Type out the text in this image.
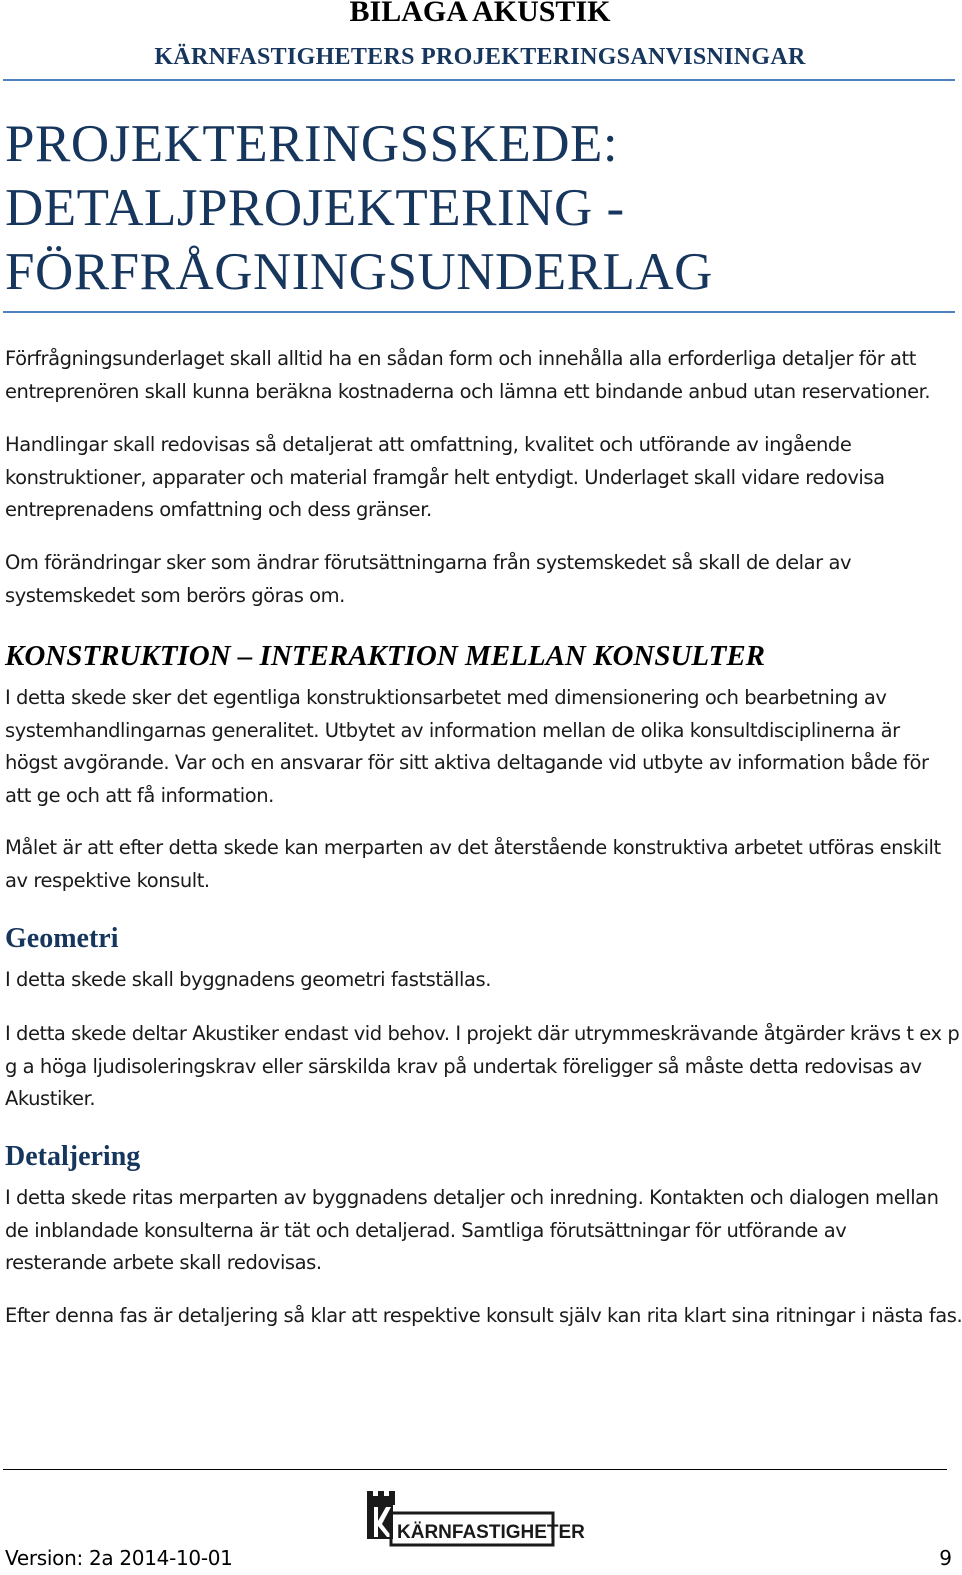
BILAGA AKUSTIK
KÄRNFASTIGHETERS PROJEKTERINGSANVISNINGAR
PROJEKTERINGSSKEDE:
DETALJPROJEKTERING -
FÖRFRÅGNINGSUNDERLAG

Förfrågningsunderlaget skall alltid ha en sådan form och innehålla alla erforderliga detaljer för att
entreprenören skall kunna beräkna kostnaderna och lämna ett bindande anbud utan reservationer.

Handlingar skall redovisas så detaljerat att omfattning, kvalitet och utförande av ingående
konstruktioner, apparater och material framgår helt entydigt. Underlaget skall vidare redovisa
entreprenadens omfattning och dess gränser.

Om förändringar sker som ändrar förutsättningarna från systemskedet så skall de delar av
systemskedet som berörs göras om.

KONSTRUKTION – INTERAKTION MELLAN KONSULTER

I detta skede sker det egentliga konstruktionsarbetet med dimensionering och bearbetning av
systemhandlingarnas generalitet. Utbytet av information mellan de olika konsultdisciplinerna är
högst avgörande. Var och en ansvarar för sitt aktiva deltagande vid utbyte av information både för
att ge och att få information.

Målet är att efter detta skede kan merparten av det återstående konstruktiva arbetet utföras enskilt
av respektive konsult.

Geometri

I detta skede skall byggnadens geometri fastställas.

I detta skede deltar Akustiker endast vid behov. I projekt där utrymmeskrävande åtgärder krävs t ex p
g a höga ljudisoleringskrav eller särskilda krav på undertak föreligger så måste detta redovisas av
Akustiker.

Detaljering

I detta skede ritas merparten av byggnadens detaljer och inredning. Kontakten och dialogen mellan
de inblandade konsulterna är tät och detaljerad. Samtliga förutsättningar för utförande av
resterande arbete skall redovisas.

Efter denna fas är detaljering så klar att respektive konsult själv kan rita klart sina ritningar i nästa fas.

KÄRNFASTIGHETER
Version: 2a 2014-10-01	9
